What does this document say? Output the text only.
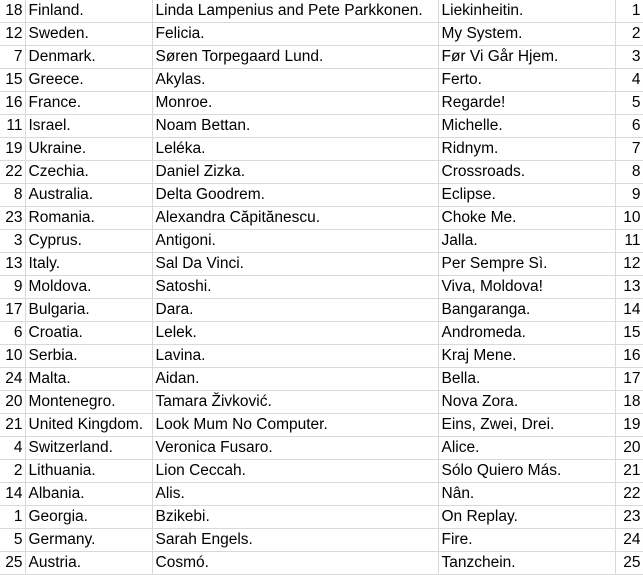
18	Finland.	Linda Lampenius and Pete Parkkonen.	Liekinheitin.	1
12	Sweden.	Felicia.	My System.	2
7	Denmark.	Søren Torpegaard Lund.	Før Vi Går Hjem.	3
15	Greece.	Akylas.	Ferto.	4
16	France.	Monroe.	Regarde!	5
11	Israel.	Noam Bettan.	Michelle.	6
19	Ukraine.	Leléka.	Ridnym.	7
22	Czechia.	Daniel Zizka.	Crossroads.	8
8	Australia.	Delta Goodrem.	Eclipse.	9
23	Romania.	Alexandra Căpitănescu.	Choke Me.	10
3	Cyprus.	Antigoni.	Jalla.	11
13	Italy.	Sal Da Vinci.	Per Sempre Sì.	12
9	Moldova.	Satoshi.	Viva, Moldova!	13
17	Bulgaria.	Dara.	Bangaranga.	14
6	Croatia.	Lelek.	Andromeda.	15
10	Serbia.	Lavina.	Kraj Mene.	16
24	Malta.	Aidan.	Bella.	17
20	Montenegro.	Tamara Živković.	Nova Zora.	18
21	United Kingdom.	Look Mum No Computer.	Eins, Zwei, Drei.	19
4	Switzerland.	Veronica Fusaro.	Alice.	20
2	Lithuania.	Lion Ceccah.	Sólo Quiero Más.	21
14	Albania.	Alis.	Nân.	22
1	Georgia.	Bzikebi.	On Replay.	23
5	Germany.	Sarah Engels.	Fire.	24
25	Austria.	Cosmó.	Tanzchein.	25
